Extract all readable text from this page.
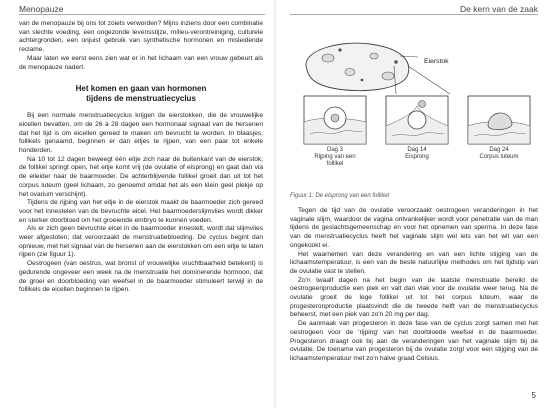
Menopauze

van de menopauze bij ons tot zoiets verworden? Mijns inziens door een combinatie van slechte voeding, een ongezonde levensstijze, milieu-verontreiniging, culturele achtergronden, een onjuist gebruik van synthetische hormonen en misleidende reclame.

Maar laten we eerst eens zien wat er in het lichaam van een vrouw gebeurt als de menopauze nadert.

Het komen en gaan van hormonen
tijdens de menstruatiecyclus

Bij een normale menstruatiecyclus krijgen de eierstokken, die de vrouwelijke eicellen bevatten, om de 26 à 28 dagen een hormonaal signaal van de hersenen dat het tijd is om eicellen gereed te maken om bevrucht te worden. In blaasjes, follikels genaamd, beginnen er dan eitjes te rijpen, van een paar tot enkele honderden.

Na 10 tot 12 dagen beweegt één eitje zich naar de buitenkant van de eierstok; de follikel springt open, het eitje komt vrij (de ovulatie of eisprong) en gaat dan via de eileider naar de baarmoeder. De achterblijvende follikel groeit dan uit tot het corpus luteum (geel lichaam, zo genoemd omdat het als een klein geel plekje op het ovarium verschijnt).

Tijdens de rijping van het eitje in de eierstok maakt de baarmoeder zich gereed voor het innestelen van de bevruchte eicel. Het baarmoederslijmvlies wordt dikker en sterker doorbloed om het groeiende embryo te kunnen voeden.

Als er zich geen bevruchte eicel in de baarmoeder innestelt, wordt dat slijmvlies weer afgestoten; dat veroorzaakt de menstruatiebloeding. De cyclus begint dan opnieuw, met het signaal van de hersenen aan de eierstokken om een eitje te laten rijpen (zie figuur 1).

Oestrogeen (van oestrus, wat bronst of vrouwelijke vruchtbaarheid betekent) is gedurende ongeveer een week na de menstruatie het dominerende hormoon, dat de groei en doorbloeding van weefsel in de baarmoeder stimuleert terwijl in de follikels de eicellen beginnen te rijpen.

De kern van de zaak
Eierstok
Dag 3
Rijping van een
follikel
Dag 14
Eisprong
Dag 24
Corpus luteum
Figuur 1: De eisprong van een follikel

Tegen de tijd van de ovulatie veroorzaakt oestrogeen veranderingen in het vaginale slijm, waardoor de vagina ontvankelijker wordt voor penetratie van de man tijdens de geslachtsgemeenschap en voor het opnemen van sperma. In deze fase van de menstruatiecyclus heeft het vaginale slijm wel iets van het wit van een ongekookt ei.

Het waarnemen van deze verandering en van een lichte stijging van de lichaamstemperatuur, is een van de beste natuurlijke methodes om het tijdstip van de ovulatie vast te stellen.

Zo'n twaalf dagen na het begin van de laatste menstruatie bereikt de oestrogeenproductie een piek en valt dan vlak voor de ovulatie weer terug. Na de ovulatie groeit de lege follikel uit tot het corpus luteum, waar de progesteronproductie plaatsvindt die de tweede helft van de menstruatiecyclus beheerst, met een piek van zo'n 20 mg per dag.

De aanmaak van progesteron in deze fase van de cyclus zorgt samen met het oestrogeen voor de 'rijping' van het doorbloede weefsel in de baarmoeder. Progesteron draagt ook bij aan de veranderingen van het vaginale slijm bij de ovulatie. De toename van progesteron bij de ovulatie zorgt voor een stijging van de lichaamstemperatuur met zo'n halve graad Celsius.

5
